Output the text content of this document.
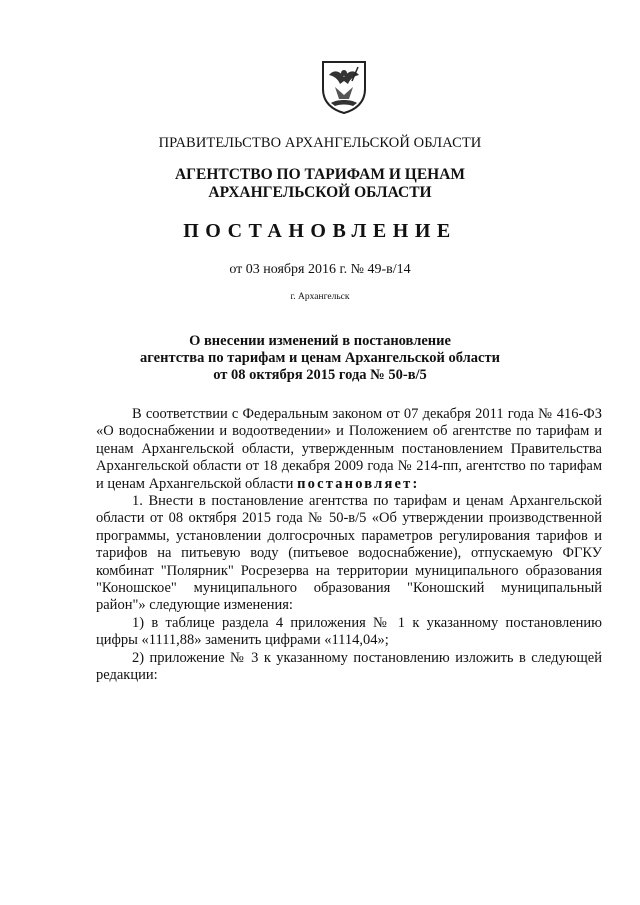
ПРАВИТЕЛЬСТВО АРХАНГЕЛЬСКОЙ ОБЛАСТИ
АГЕНТСТВО ПО ТАРИФАМ И ЦЕНАМ
АРХАНГЕЛЬСКОЙ ОБЛАСТИ
ПОСТАНОВЛЕНИЕ
от 03 ноября 2016 г. № 49-в/14
г. Архангельск
О внесении изменений в постановление
агентства по тарифам и ценам Архангельской области
от 08 октября 2015 года № 50-в/5

В соответствии с Федеральным законом от 07 декабря 2011 года № 416-ФЗ «О водоснабжении и водоотведении» и Положением об агентстве по тарифам и ценам Архангельской области, утвержденным постановлением Правительства Архангельской области от 18 декабря 2009 года № 214-пп, агентство по тарифам и ценам Архангельской области постановляет:

1. Внести в постановление агентства по тарифам и ценам Архангельской области от 08 октября 2015 года № 50-в/5 «Об утверждении производственной программы, установлении долгосрочных параметров регулирования тарифов и тарифов на питьевую воду (питьевое водоснабжение), отпускаемую ФГКУ комбинат "Полярник" Росрезерва на территории муниципального образования "Коношское" муниципального образования "Коношский муниципальный район"» следующие изменения:

1) в таблице раздела 4 приложения № 1 к указанному постановлению цифры «1111,88» заменить цифрами «1114,04»;

2) приложение № 3 к указанному постановлению изложить в следующей редакции:
